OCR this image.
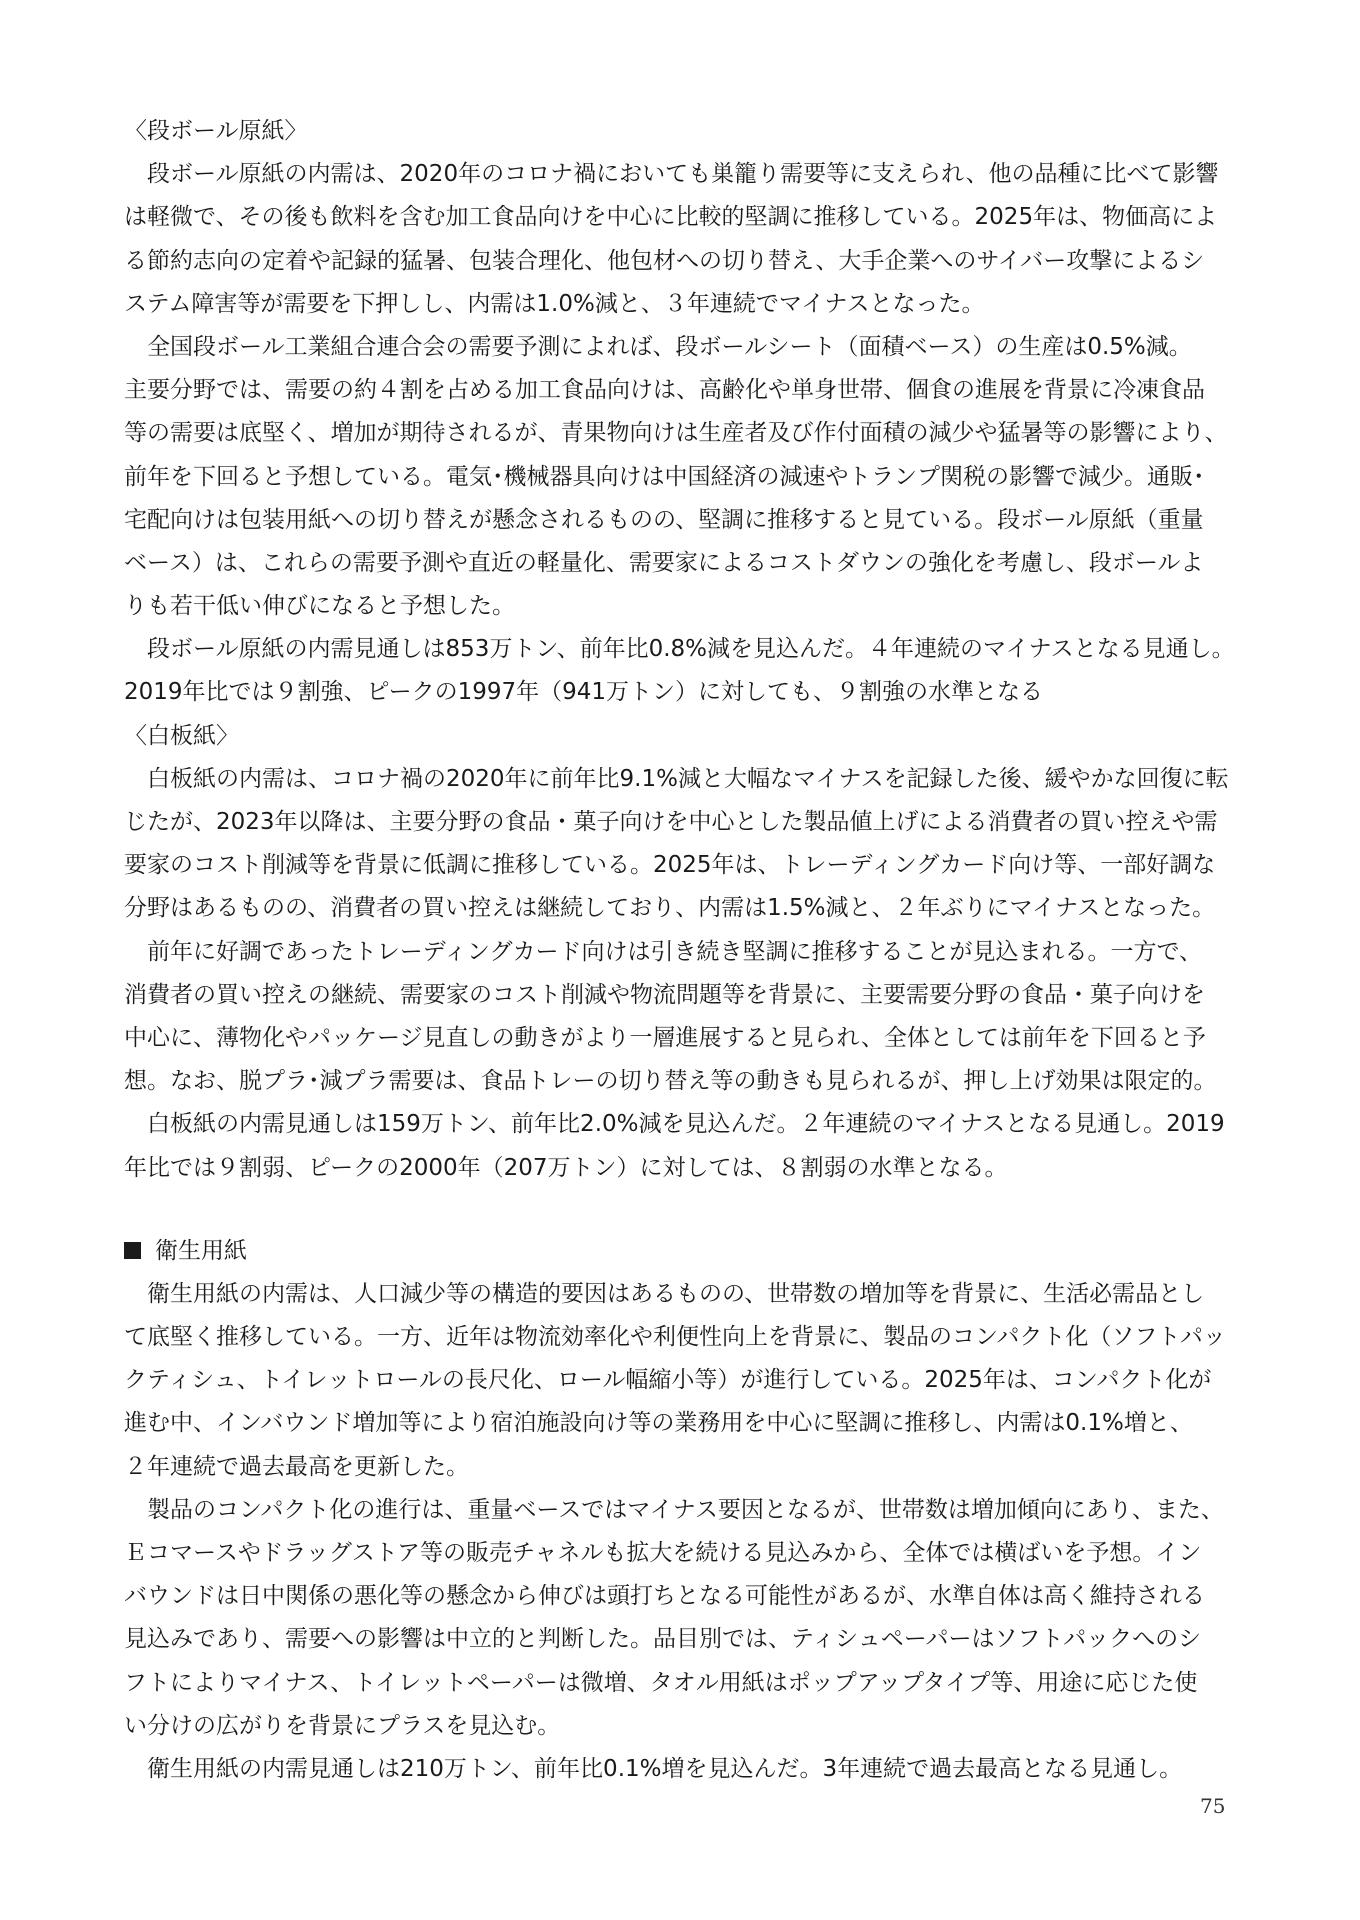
〈段ボール原紙〉
段ボール原紙の内需は、2020年のコロナ禍においても巣籠り需要等に支えられ、他の品種に比べて影響
は軽微で、その後も飲料を含む加工食品向けを中心に比較的堅調に推移している。2025年は、物価高によ
る節約志向の定着や記録的猛暑、包装合理化、他包材への切り替え、大手企業へのサイバー攻撃によるシ
ステム障害等が需要を下押しし、内需は1.0%減と、３年連続でマイナスとなった。
全国段ボール工業組合連合会の需要予測によれば、段ボールシート（面積ベース）の生産は0.5%減。
主要分野では、需要の約４割を占める加工食品向けは、高齢化や単身世帯、個食の進展を背景に冷凍食品
等の需要は底堅く、増加が期待されるが、青果物向けは生産者及び作付面積の減少や猛暑等の影響により、
前年を下回ると予想している。電気･機械器具向けは中国経済の減速やトランプ関税の影響で減少。通販･
宅配向けは包装用紙への切り替えが懸念されるものの、堅調に推移すると見ている。段ボール原紙（重量
ベース）は、これらの需要予測や直近の軽量化、需要家によるコストダウンの強化を考慮し、段ボールよ
りも若干低い伸びになると予想した。
段ボール原紙の内需見通しは853万トン、前年比0.8%減を見込んだ。４年連続のマイナスとなる見通し。
2019年比では９割強、ピークの1997年（941万トン）に対しても、９割強の水準となる
〈白板紙〉
白板紙の内需は、コロナ禍の2020年に前年比9.1%減と大幅なマイナスを記録した後、緩やかな回復に転
じたが、2023年以降は、主要分野の食品・菓子向けを中心とした製品値上げによる消費者の買い控えや需
要家のコスト削減等を背景に低調に推移している。2025年は、トレーディングカード向け等、一部好調な
分野はあるものの、消費者の買い控えは継続しており、内需は1.5%減と、２年ぶりにマイナスとなった。
前年に好調であったトレーディングカード向けは引き続き堅調に推移することが見込まれる。一方で、
消費者の買い控えの継続、需要家のコスト削減や物流問題等を背景に、主要需要分野の食品・菓子向けを
中心に、薄物化やパッケージ見直しの動きがより一層進展すると見られ、全体としては前年を下回ると予
想。なお、脱プラ･減プラ需要は、食品トレーの切り替え等の動きも見られるが、押し上げ効果は限定的。
白板紙の内需見通しは159万トン、前年比2.0%減を見込んだ。２年連続のマイナスとなる見通し。2019
年比では９割弱、ピークの2000年（207万トン）に対しては、８割弱の水準となる。
衛生用紙
衛生用紙の内需は、人口減少等の構造的要因はあるものの、世帯数の増加等を背景に、生活必需品とし
て底堅く推移している。一方、近年は物流効率化や利便性向上を背景に、製品のコンパクト化（ソフトパッ
クティシュ、トイレットロールの長尺化、ロール幅縮小等）が進行している。2025年は、コンパクト化が
進む中、インバウンド増加等により宿泊施設向け等の業務用を中心に堅調に推移し、内需は0.1%増と、
２年連続で過去最高を更新した。
製品のコンパクト化の進行は、重量ベースではマイナス要因となるが、世帯数は増加傾向にあり、また、
Ｅコマースやドラッグストア等の販売チャネルも拡大を続ける見込みから、全体では横ばいを予想。イン
バウンドは日中関係の悪化等の懸念から伸びは頭打ちとなる可能性があるが、水準自体は高く維持される
見込みであり、需要への影響は中立的と判断した。品目別では、ティシュペーパーはソフトパックへのシ
フトによりマイナス、トイレットペーパーは微増、タオル用紙はポップアップタイプ等、用途に応じた使
い分けの広がりを背景にプラスを見込む。
衛生用紙の内需見通しは210万トン、前年比0.1%増を見込んだ。3年連続で過去最高となる見通し。
75
